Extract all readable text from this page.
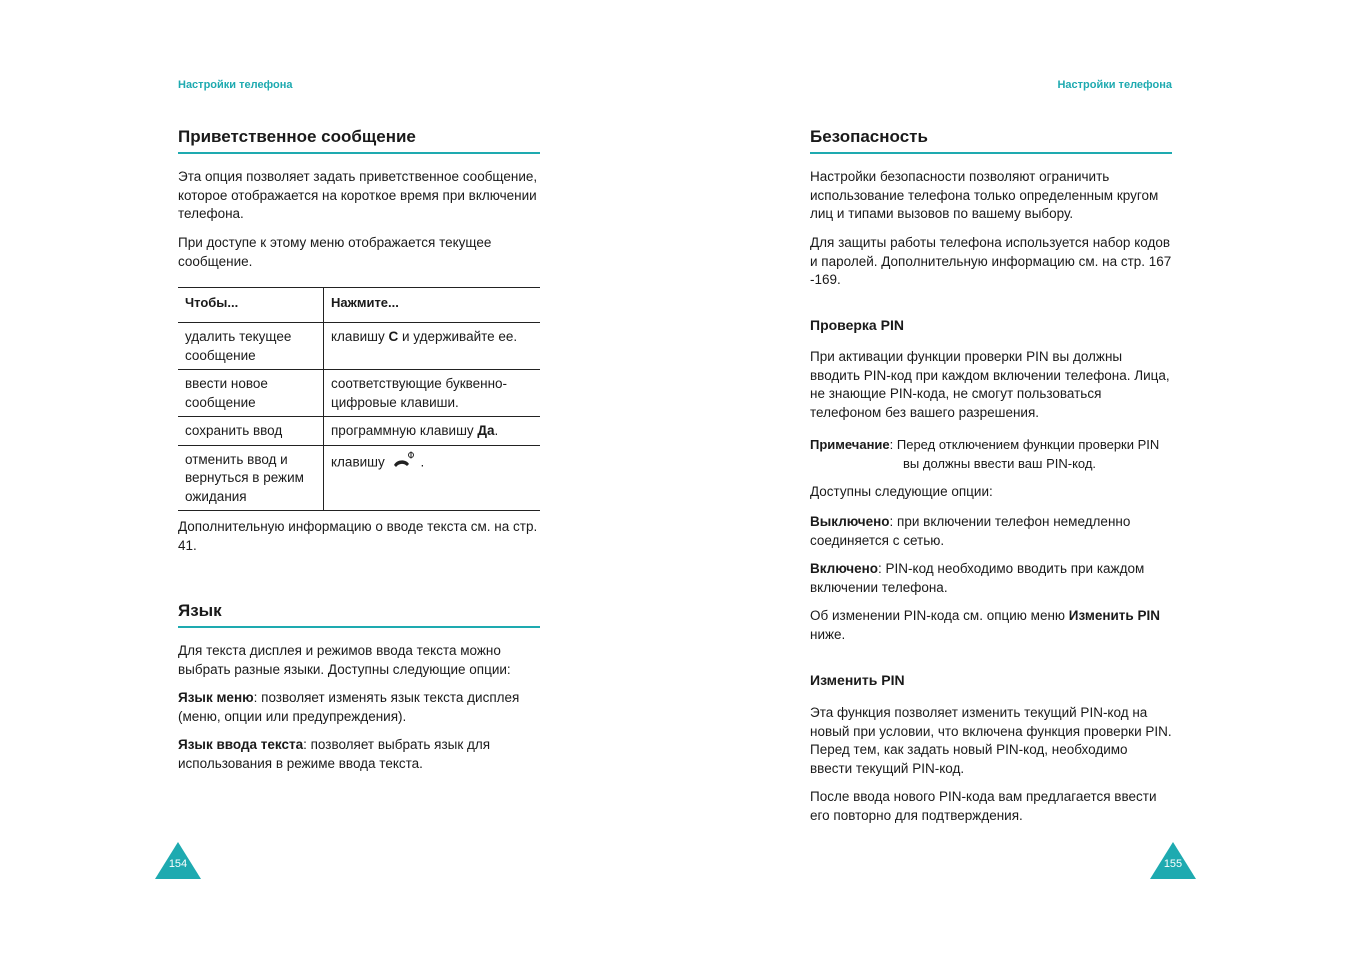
Настройки телефона
Приветственное сообщение

Эта опция позволяет задать приветственное сообщение, которое отображается на короткое время при включении телефона.

При доступе к этому меню отображается текущее сообщение.

Чтобы...	Нажмите...
удалить текущее сообщение	клавишу C и удерживайте ее.
ввести новое сообщение	соответствующие буквенно-цифровые клавиши.
сохранить ввод	программную клавишу Да.
отменить ввод и вернуться в режим ожидания	клавишу .

Дополнительную информацию о вводе текста см. на стр. 41.

Язык

Для текста дисплея и режимов ввода текста можно выбрать разные языки. Доступны следующие опции:

Язык меню: позволяет изменять язык текста дисплея (меню, опции или предупреждения).

Язык ввода текста: позволяет выбрать язык для использования в режиме ввода текста.

154
Настройки телефона
Безопасность

Настройки безопасности позволяют ограничить использование телефона только определенным кругом лиц и типами вызовов по вашему выбору.

Для защиты работы телефона используется набор кодов и паролей. Дополнительную информацию см. на стр. 167 -169.

Проверка PIN

При активации функции проверки PIN вы должны вводить PIN-код при каждом включении телефона. Лица, не знающие PIN-кода, не смогут пользоваться телефоном без вашего разрешения.

Примечание: Перед отключением функции проверки PIN
вы должны ввести ваш PIN-код.

Доступны следующие опции:

Выключено: при включении телефон немедленно соединяется с сетью.

Включено: PIN-код необходимо вводить при каждом включении телефона.

Об изменении PIN-кода см. опцию меню Изменить PIN ниже.

Изменить PIN

Эта функция позволяет изменить текущий PIN-код на новый при условии, что включена функция проверки PIN. Перед тем, как задать новый PIN-код, необходимо ввести текущий PIN-код.

После ввода нового PIN-кода вам предлагается ввести его повторно для подтверждения.

155
